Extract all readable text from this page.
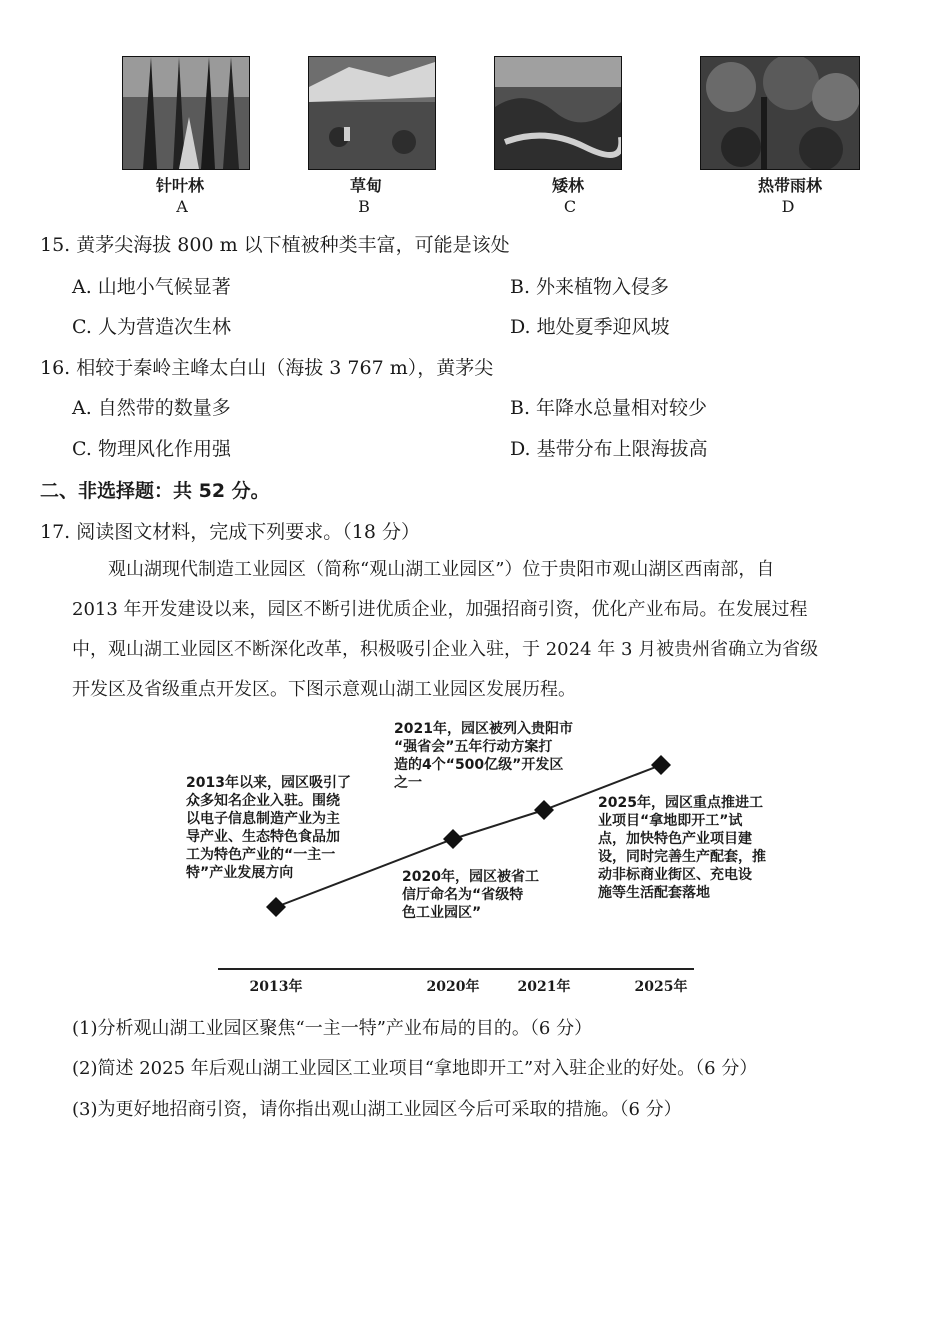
针叶林	草甸	矮林	热带雨林
A	B	C	D
15. 黄茅尖海拔 800 m 以下植被种类丰富，可能是该处
A. 山地小气候显著	B. 外来植物入侵多
C. 人为营造次生林	D. 地处夏季迎风坡
16. 相较于秦岭主峰太白山（海拔 3 767 m），黄茅尖
A. 自然带的数量多	B. 年降水总量相对较少
C. 物理风化作用强	D. 基带分布上限海拔高
二、非选择题：共 52 分。
17. 阅读图文材料，完成下列要求。（18 分）
观山湖现代制造工业园区（简称“观山湖工业园区”）位于贵阳市观山湖区西南部，自
2013 年开发建设以来，园区不断引进优质企业，加强招商引资，优化产业布局。在发展过程
中，观山湖工业园区不断深化改革，积极吸引企业入驻，于 2024 年 3 月被贵州省确立为省级
开发区及省级重点开发区。下图示意观山湖工业园区发展历程。
2013年以来，园区吸引了
众多知名企业入驻。围绕
以电子信息制造产业为主
导产业、生态特色食品加
工为特色产业的“一主一
特”产业发展方向	2020年，园区被省工
信厅命名为“省级特
色工业园区”
2021年，园区被列入贵阳市
“强省会”五年行动方案打
造的4个“500亿级”开发区
之一
2025年，园区重点推进工
业项目“拿地即开工”试
点，加快特色产业项目建
设，同时完善生产配套，推
动非标商业街区、充电设
施等生活配套落地
2013年	2020年	2021年	2025年
(1)分析观山湖工业园区聚焦“一主一特”产业布局的目的。（6 分）
(2)简述 2025 年后观山湖工业园区工业项目“拿地即开工”对入驻企业的好处。（6 分）
(3)为更好地招商引资，请你指出观山湖工业园区今后可采取的措施。（6 分）
